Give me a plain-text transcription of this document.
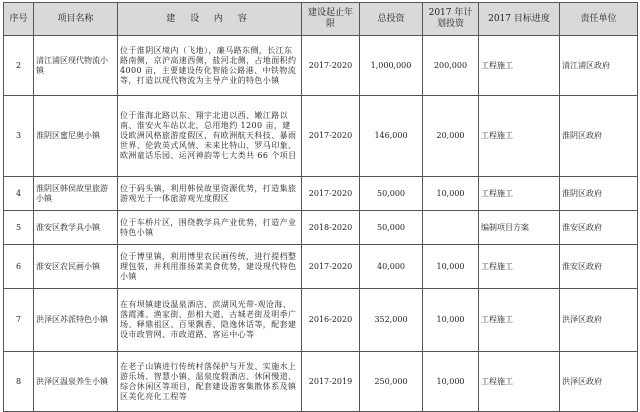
序号	项目名称	建 设 内 容	建设起止年限	总投资	2017 年计划投资	2017 目标进度	责任单位
2	清江浦区现代物流小镇	位于淮阴区境内（飞地），廉马路东侧，长江东路南侧，京沪高速西侧，盐河北侧，占地面积约 4000 亩，主要建设传化智能公路港、中铁物流等，打造以现代物流为主导产业的特色小镇	2017-2020	1,000,000	200,000	工程施工	清江浦区政府
3	淮阴区蜜尼奥小镇	位于淮海北路以东、翔宇北道以西、嫩江路以南、淮安火车站以北，总用地约 1200 亩，建设欧洲风格旅游度假区，有欧洲航天科技、暴雨世界、伦敦英式风情、未来比特山、罗马印象、欧洲童话乐园、运河神韵等七大类共 66 个项目	2017-2020	146,000	20,000	工程施工	淮阴区政府
4	淮阴区韩侯故里旅游小镇	位于码头镇，利用韩侯故里资源优势，打造集旅游观光于一体旅游观光度假区	2017-2020	50,000	10,000	工程施工	淮阴区政府
5	淮安区教学具小镇	位于车桥片区，围绕教学具产业优势，打造产业特色小镇	2018-2020	50,000		编制项目方案	淮安区政府
6	淮安区农民画小镇	位于博里镇，利用博里农民画传统，进行提档整理包装，并利用淮扬菜美食优势，建设现代特色小镇	2017-2020	40,000	10,000	工程施工	淮安区政府
7	洪泽区苏派特色小镇	在有坝镇建设温泉酒店、滨湖风光带-观沧海、落霞滩、渔家街、彭相大道、古城老街及明季广场、释鼎祖区、百果飘香、隐逸休话等，配套建设市政管网、市政道路、客运中心等	2016-2020	352,000	10,000	工程施工	洪泽区政府
8	洪泽区温泉养生小镇	在老子山镇进行传统村落保护与开发、实施水上游乐场、智慧小镇、温泉度假酒店、休闲慢道、综合休闲区等项目，配套建设游客集散体系及镇区美化亮化工程等	2017-2019	250,000	10,000	工程施工	洪泽区政府
